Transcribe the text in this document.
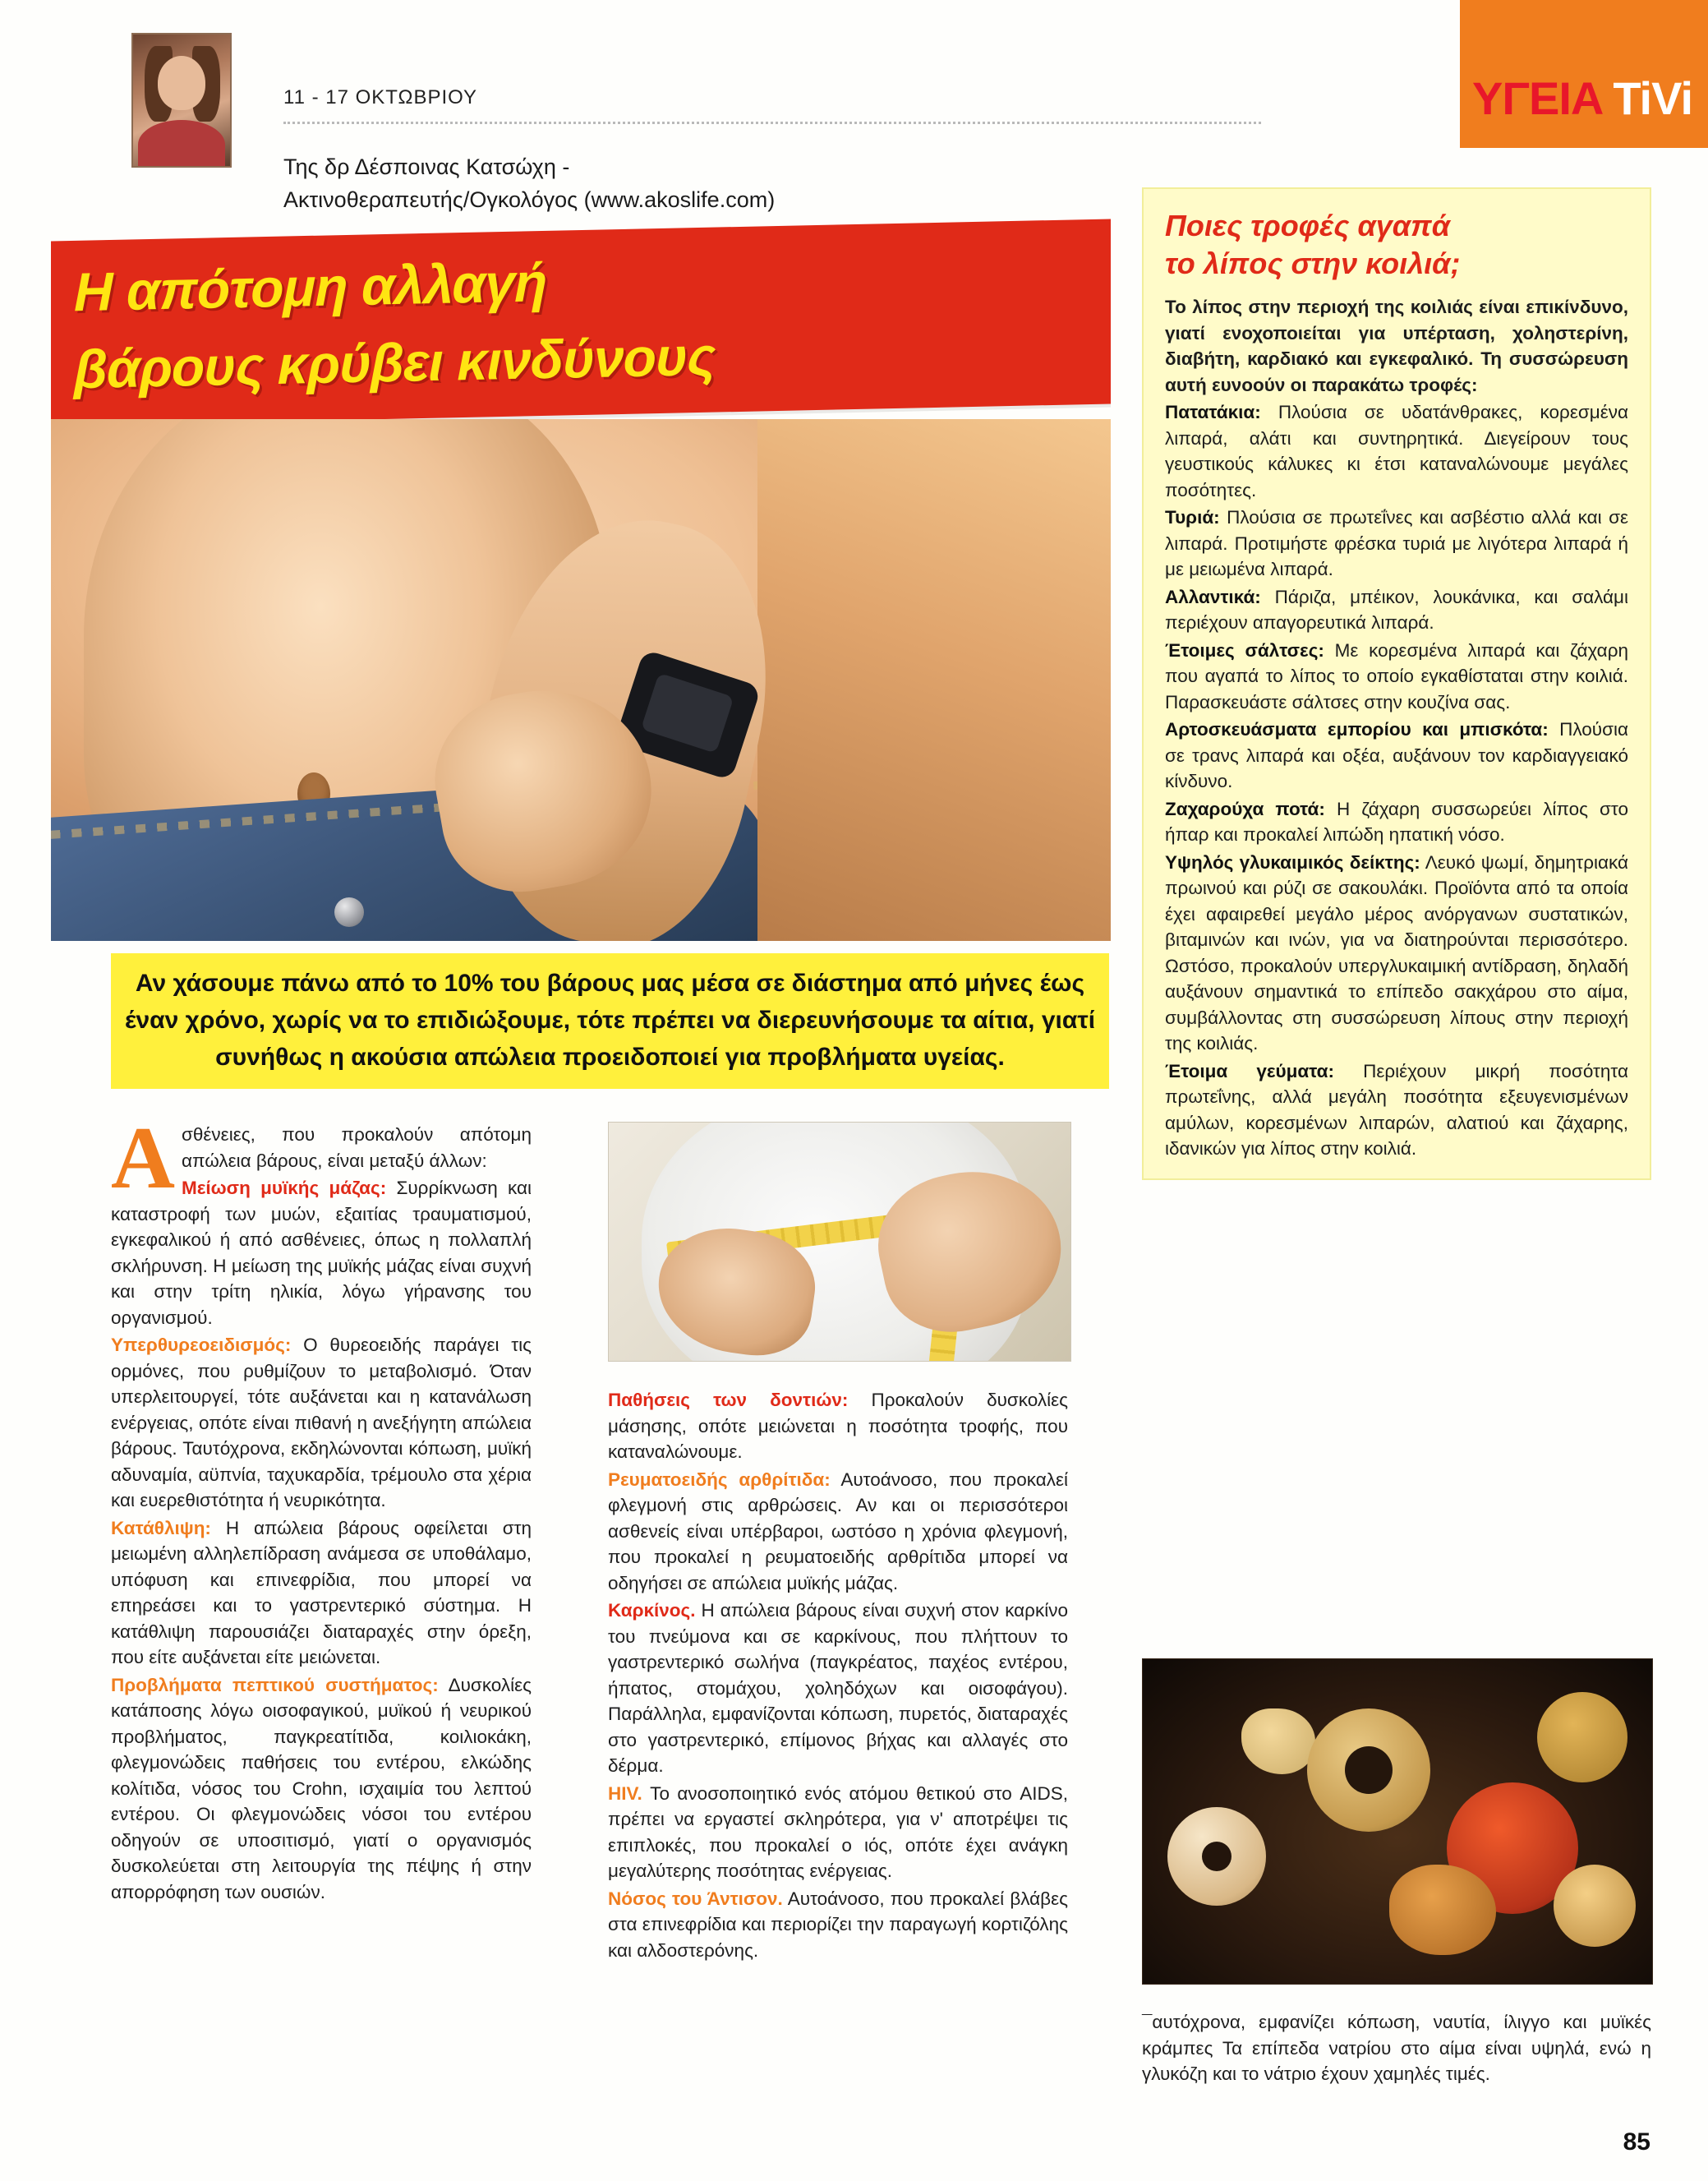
ΥΓΕΙΑ TiVi
11 - 17 ΟΚΤΩΒΡΙΟΥ
Της δρ Δέσποινας Κατσώχη -
Ακτινοθεραπευτής/Ογκολόγος (www.akoslife.com)
Η απότομη αλλαγή
βάρους κρύβει κινδύνους

Αν χάσουμε πάνω από το 10% του βάρους μας μέσα σε διάστημα από μήνες έως έναν χρόνο, χωρίς να το επιδιώξουμε, τότε πρέπει να διερευνήσουμε τα αίτια, γιατί συνήθως η ακούσια απώλεια προειδοποιεί για προβλήματα υγείας.

Ασθένειες, που προκαλούν απότομη απώλεια βάρους, είναι μεταξύ άλλων:

Μείωση μυϊκής μάζας: Συρρίκνωση και καταστροφή των μυών, εξαιτίας τραυματισμού, εγκεφαλικού ή από ασθένειες, όπως η πολλαπλή σκλήρυνση. Η μείωση της μυϊκής μάζας είναι συχνή και στην τρίτη ηλικία, λόγω γήρανσης του οργανισμού.

Υπερθυρεοειδισμός: Ο θυρεοειδής παράγει τις ορμόνες, που ρυθμίζουν το μεταβολισμό. Όταν υπερλειτουργεί, τότε αυξάνεται και η κατανάλωση ενέργειας, οπότε είναι πιθανή η ανεξήγητη απώλεια βάρους. Ταυτόχρονα, εκδηλώνονται κόπωση, μυϊκή αδυναμία, αϋπνία, ταχυκαρδία, τρέμουλο στα χέρια και ευερεθιστότητα ή νευρικότητα.

Κατάθλιψη: Η απώλεια βάρους οφείλεται στη μειωμένη αλληλεπίδραση ανάμεσα σε υποθάλαμο, υπόφυση και επινεφρίδια, που μπορεί να επηρεάσει και το γαστρεντερικό σύστημα. Η κατάθλιψη παρουσιάζει διαταραχές στην όρεξη, που είτε αυξάνεται είτε μειώνεται.

Προβλήματα πεπτικού συστήματος: Δυσκολίες κατάποσης λόγω οισοφαγικού, μυϊκού ή νευρικού προβλήματος, παγκρεατίτιδα, κοιλιοκάκη, φλεγμονώδεις παθήσεις του εντέρου, ελκώδης κολίτιδα, νόσος του Crohn, ισχαιμία του λεπτού εντέρου. Οι φλεγμονώδεις νόσοι του εντέρου οδηγούν σε υποσιτισμό, γιατί ο οργανισμός δυσκολεύεται στη λειτουργία της πέψης ή στην απορρόφηση των ουσιών.

Παθήσεις των δοντιών: Προκαλούν δυσκολίες μάσησης, οπότε μειώνεται η ποσότητα τροφής, που καταναλώνουμε.

Ρευματοειδής αρθρίτιδα: Αυτοάνοσο, που προκαλεί φλεγμονή στις αρθρώσεις. Αν και οι περισσότεροι ασθενείς είναι υπέρβαροι, ωστόσο η χρόνια φλεγμονή, που προκαλεί η ρευματοειδής αρθρίτιδα μπορεί να οδηγήσει σε απώλεια μυϊκής μάζας.

Καρκίνος. Η απώλεια βάρους είναι συχνή στον καρκίνο του πνεύμονα και σε καρκίνους, που πλήττουν το γαστρεντερικό σωλήνα (παγκρέατος, παχέος εντέρου, ήπατος, στομάχου, χοληδόχων και οισοφάγου). Παράλληλα, εμφανίζονται κόπωση, πυρετός, διαταραχές στο γαστρεντερικό, επίμονος βήχας και αλλαγές στο δέρμα.

HIV. Το ανοσοποιητικό ενός ατόμου θετικού στο AIDS, πρέπει να εργαστεί σκληρότερα, για ν' αποτρέψει τις επιπλοκές, που προκαλεί ο ιός, οπότε έχει ανάγκη μεγαλύτερης ποσότητας ενέργειας.

Νόσος του Άντισον. Αυτοάνοσο, που προκαλεί βλάβες στα επινεφρίδια και περιορίζει την παραγωγή κορτιζόλης και αλδοστερόνης.

Ποιες τροφές αγαπά
το λίπος στην κοιλιά;

Το λίπος στην περιοχή της κοιλιάς είναι επικίνδυνο, γιατί ενοχοποιείται για υπέρταση, χοληστερίνη, διαβήτη, καρδιακό και εγκεφαλικό. Τη συσσώρευση αυτή ευνοούν οι παρακάτω τροφές:

Πατατάκια: Πλούσια σε υδατάνθρακες, κορεσμένα λιπαρά, αλάτι και συντηρητικά. Διεγείρουν τους γευστικούς κάλυκες κι έτσι καταναλώνουμε μεγάλες ποσότητες.

Τυριά: Πλούσια σε πρωτεΐνες και ασβέστιο αλλά και σε λιπαρά. Προτιμήστε φρέσκα τυριά με λιγότερα λιπαρά ή με μειωμένα λιπαρά.

Αλλαντικά: Πάριζα, μπέικον, λουκάνικα, και σαλάμι περιέχουν απαγορευτικά λιπαρά.

Έτοιμες σάλτσες: Με κορεσμένα λιπαρά και ζάχαρη που αγαπά το λίπος το οποίο εγκαθίσταται στην κοιλιά. Παρασκευάστε σάλτσες στην κουζίνα σας.

Αρτοσκευάσματα εμπορίου και μπισκότα: Πλούσια σε τρανς λιπαρά και οξέα, αυξάνουν τον καρδιαγγειακό κίνδυνο.

Ζαχαρούχα ποτά: Η ζάχαρη συσσωρεύει λίπος στο ήπαρ και προκαλεί λιπώδη ηπατική νόσο.

Υψηλός γλυκαιμικός δείκτης: Λευκό ψωμί, δημητριακά πρωινού και ρύζι σε σακουλάκι. Προϊόντα από τα οποία έχει αφαιρεθεί μεγάλο μέρος ανόργανων συστατικών, βιταμινών και ινών, για να διατηρούνται περισσότερο. Ωστόσο, προκαλούν υπεργλυκαιμική αντίδραση, δηλαδή αυξάνουν σημαντικά το επίπεδο σακχάρου στο αίμα, συμβάλλοντας στη συσσώρευση λίπους στην περιοχή της κοιλιάς.

Έτοιμα γεύματα: Περιέχουν μικρή ποσότητα πρωτεΐνης, αλλά μεγάλη ποσότητα εξευγενισμένων αμύλων, κορεσμένων λιπαρών, αλατιού και ζάχαρης, ιδανικών για λίπος στην κοιλιά.

¯αυτόχρονα, εμφανίζει κόπωση, ναυτία, ίλιγγο και μυϊκές κράμπες Τα επίπεδα νατρίου στο αίμα είναι υψηλά, ενώ η γλυκόζη και το νάτριο έχουν χαμηλές τιμές.

85
